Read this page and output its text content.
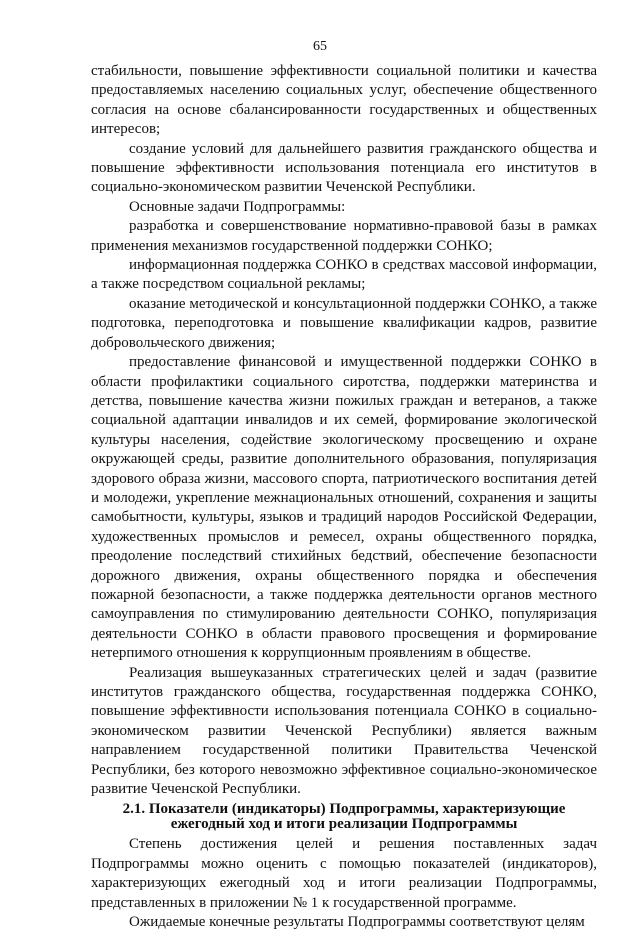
65

стабильности, повышение эффективности социальной политики и качества предоставляемых населению социальных услуг, обеспечение общественного согласия на основе сбалансированности государственных и общественных интересов;

создание условий для дальнейшего развития гражданского общества и повышение эффективности использования потенциала его институтов в социально-экономическом развитии Чеченской Республики.

Основные задачи Подпрограммы:

разработка и совершенствование нормативно-правовой базы в рамках применения механизмов государственной поддержки СОНКО;

информационная поддержка СОНКО в средствах массовой информации, а также посредством социальной рекламы;

оказание методической и консультационной поддержки СОНКО, а также подготовка, переподготовка и повышение квалификации кадров, развитие добровольческого движения;

предоставление финансовой и имущественной поддержки СОНКО в области профилактики социального сиротства, поддержки материнства и детства, повышение качества жизни пожилых граждан и ветеранов, а также социальной адаптации инвалидов и их семей, формирование экологической культуры населения, содействие экологическому просвещению и охране окружающей среды, развитие дополнительного образования, популяризация здорового образа жизни, массового спорта, патриотического воспитания детей и молодежи, укрепление межнациональных отношений, сохранения и защиты самобытности, культуры, языков и традиций народов Российской Федерации, художественных промыслов и ремесел, охраны общественного порядка, преодоление последствий стихийных бедствий, обеспечение безопасности дорожного движения, охраны общественного порядка и обеспечения пожарной безопасности, а также поддержка деятельности органов местного самоуправления по стимулированию деятельности СОНКО, популяризация деятельности СОНКО в области правового просвещения и формирование нетерпимого отношения к коррупционным проявлениям в обществе.

Реализация вышеуказанных стратегических целей и задач (развитие институтов гражданского общества, государственная поддержка СОНКО, повышение эффективности использования потенциала СОНКО в социально-экономическом развитии Чеченской Республики) является важным направлением государственной политики Правительства Чеченской Республики, без которого невозможно эффективное социально-экономическое развитие Чеченской Республики.

2.1. Показатели (индикаторы) Подпрограммы, характеризующие
ежегодный ход и итоги реализации Подпрограммы

Степень достижения целей и решения поставленных задач Подпрограммы можно оценить с помощью показателей (индикаторов), характеризующих ежегодный ход и итоги реализации Подпрограммы, представленных в приложении № 1 к государственной программе.

Ожидаемые конечные результаты Подпрограммы соответствуют целям
